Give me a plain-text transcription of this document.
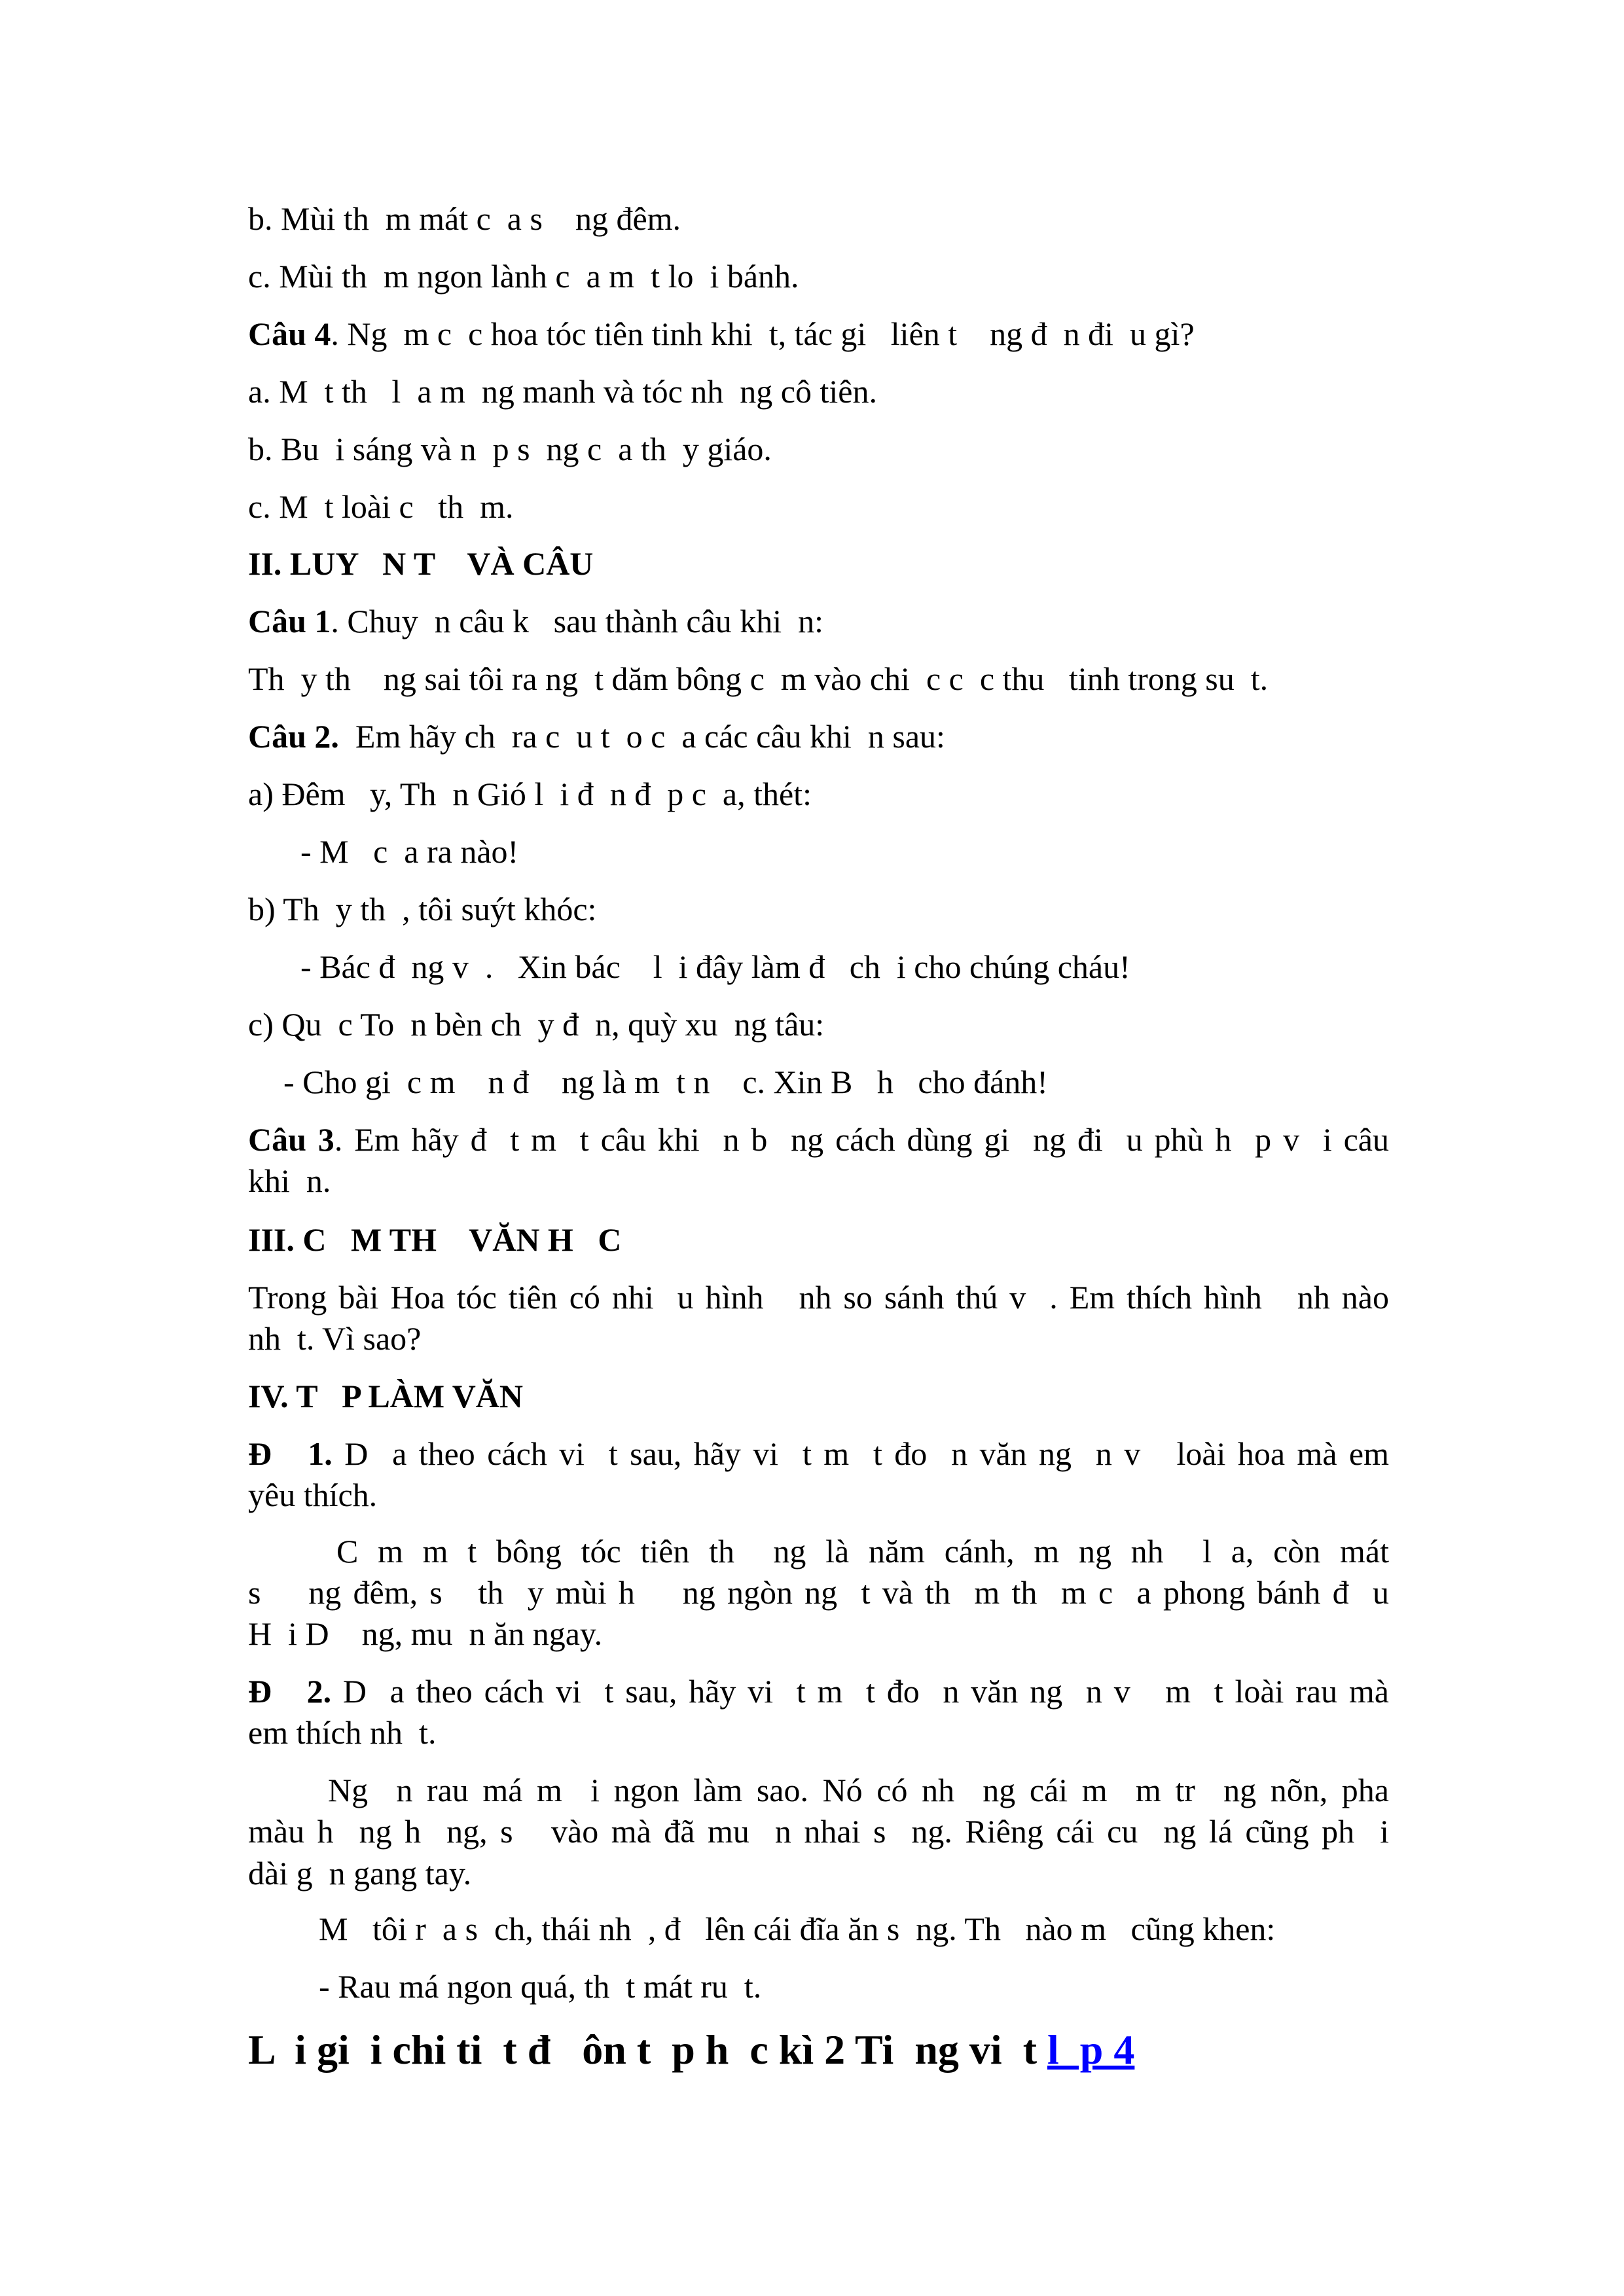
b. Mùi th  m mát c  a s    ng đêm.
c. Mùi th  m ngon lành c  a m  t lo  i bánh.
Câu 4. Ng  m c  c hoa tóc tiên tinh khi  t, tác gi   liên t    ng đ  n đi  u gì?
a. M  t th   l  a m  ng manh và tóc nh  ng cô tiên.
b. Bu  i sáng và n  p s  ng c  a th  y giáo.
c. M  t loài c   th  m.
II. LUY   N T    VÀ CÂU
Câu 1. Chuy  n câu k   sau thành câu khi  n:
Th  y th    ng sai tôi ra ng  t dăm bông c  m vào chi  c c  c thu   tinh trong su  t.
Câu 2.  Em hãy ch  ra c  u t  o c  a các câu khi  n sau:
a) Đêm   y, Th  n Gió l  i đ  n đ  p c  a, thét:
- M   c  a ra nào!
b) Th  y th  , tôi suýt khóc:
- Bác đ  ng v  .   Xin bác    l  i đây làm đ   ch  i cho chúng cháu!
c) Qu  c To  n bèn ch  y đ  n, quỳ xu  ng tâu:
- Cho gi  c m    n đ    ng là m  t n    c. Xin B   h   cho đánh!
Câu 3. Em hãy đ  t m  t câu khi  n b  ng cách dùng gi  ng đi  u phù h  p v  i câu
khi  n.
III. C   M TH    VĂN H   C
Trong bài Hoa tóc tiên có nhi  u hình   nh so sánh thú v  . Em thích hình   nh nào
nh  t. Vì sao?
IV. T   P LÀM VĂN
Đ   1. D  a theo cách vi  t sau, hãy vi  t m  t đo  n văn ng  n v   loài hoa mà em
yêu thích.
C  m  m  t  bông  tóc  tiên  th    ng  là  năm  cánh,  m  ng  nh    l  a,  còn  mát
s    ng đêm, s   th  y mùi h    ng ngòn ng  t và th  m th  m c  a phong bánh đ  u
H  i D    ng, mu  n ăn ngay.
Đ   2. D  a theo cách vi  t sau, hãy vi  t m  t đo  n văn ng  n v   m  t loài rau mà
em thích nh  t.
Ng  n rau má m  i ngon làm sao. Nó có nh  ng cái m  m tr  ng nõn, pha
màu h  ng h  ng, s   vào mà đã mu  n nhai s  ng. Riêng cái cu  ng lá cũng ph  i
dài g  n gang tay.
M   tôi r  a s  ch, thái nh  , đ   lên cái đĩa ăn s  ng. Th   nào m   cũng khen:
- Rau má ngon quá, th  t mát ru  t.
L  i gi  i chi ti  t đ   ôn t  p h  c kì 2 Ti  ng vi  t l  p 4
